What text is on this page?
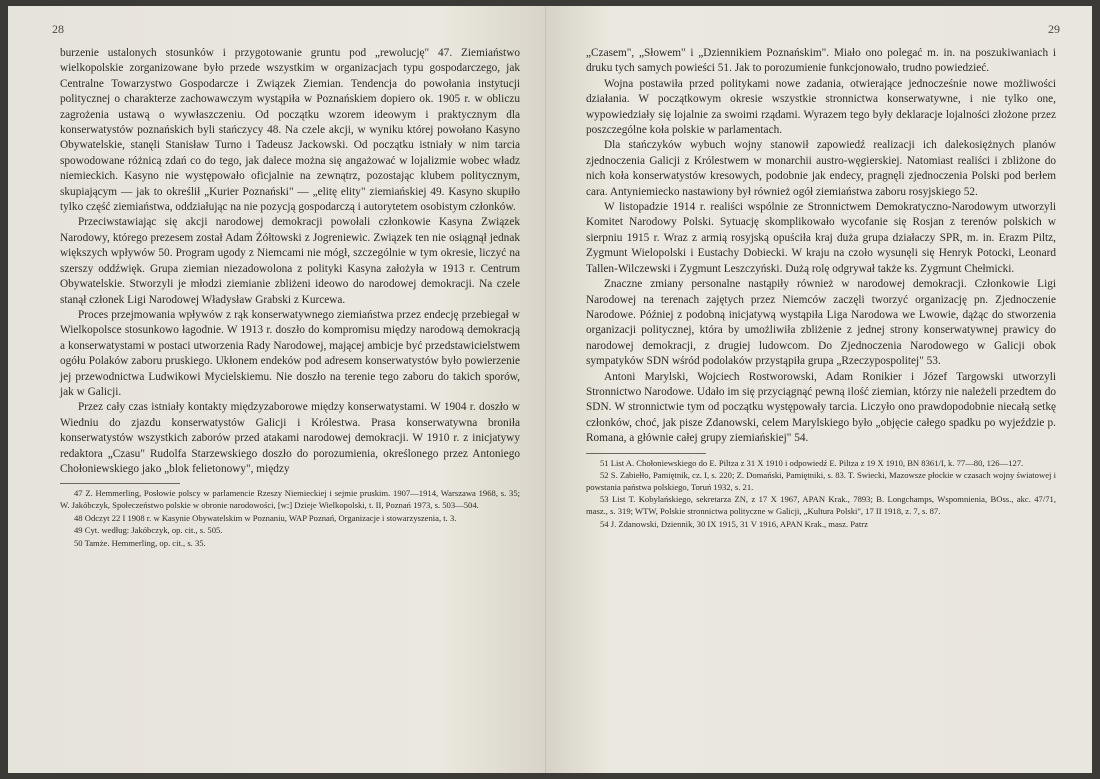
28

burzenie ustalonych stosunków i przygotowanie gruntu pod „rewolucję" 47. Ziemiaństwo wielkopolskie zorganizowane było przede wszystkim w organizacjach typu gospodarczego, jak Centralne Towarzystwo Gospodarcze i Związek Ziemian. Tendencja do powołania instytucji politycznej o charakterze zachowawczym wystąpiła w Poznańskiem dopiero ok. 1905 r. w obliczu zagrożenia ustawą o wywłaszczeniu. Od początku wzorem ideowym i praktycznym dla konserwatystów poznańskich byli stańczycy 48. Na czele akcji, w wyniku której powołano Kasyno Obywatelskie, stanęli Stanisław Turno i Tadeusz Jackowski. Od początku istniały w nim tarcia spowodowane różnicą zdań co do tego, jak dalece można się angażować w lojalizmie wobec władz niemieckich. Kasyno nie występowało oficjalnie na zewnątrz, pozostając klubem politycznym, skupiającym — jak to określił „Kurier Poznański" — „elitę elity" ziemiańskiej 49. Kasyno skupiło tylko część ziemiaństwa, oddziałując na nie pozycją gospodarczą i autorytetem osobistym członków.

Przeciwstawiając się akcji narodowej demokracji powołali członkowie Kasyna Związek Narodowy, którego prezesem został Adam Żółtowski z Jogreniewic. Związek ten nie osiągnął jednak większych wpływów 50. Program ugody z Niemcami nie mógł, szczególnie w tym okresie, liczyć na szerszy oddźwięk. Grupa ziemian niezadowolona z polityki Kasyna założyła w 1913 r. Centrum Obywatelskie. Stworzyli je młodzi ziemianie zbliżeni ideowo do narodowej demokracji. Na czele stanął członek Ligi Narodowej Władysław Grabski z Kurcewa.

Proces przejmowania wpływów z rąk konserwatywnego ziemiaństwa przez endecję przebiegał w Wielkopolsce stosunkowo łagodnie. W 1913 r. doszło do kompromisu między narodową demokracją a konserwatystami w postaci utworzenia Rady Narodowej, mającej ambicje być przedstawicielstwem ogółu Polaków zaboru pruskiego. Ukłonem endeków pod adresem konserwatystów było powierzenie jej przewodnictwa Ludwikowi Mycielskiemu. Nie doszło na terenie tego zaboru do takich sporów, jak w Galicji.

Przez cały czas istniały kontakty międzyzaborowe między konserwatystami. W 1904 r. doszło w Wiedniu do zjazdu konserwatystów Galicji i Królestwa. Prasa konserwatywna broniła konserwatystów wszystkich zaborów przed atakami narodowej demokracji. W 1910 r. z inicjatywy redaktora „Czasu" Rudolfa Starzewskiego doszło do porozumienia, określonego przez Antoniego Chołoniewskiego jako „blok felietonowy", między

47 Z. Hemmerling, Posłowie polscy w parlamencie Rzeszy Niemieckiej i sejmie pruskim. 1907—1914, Warszawa 1968, s. 35; W. Jakóbczyk, Społeczeństwo polskie w obronie narodowości, [w:] Dzieje Wielkopolski, t. II, Poznań 1973, s. 503—504.

48 Odczyt 22 I 1908 r. w Kasynie Obywatelskim w Poznaniu, WAP Poznań, Organizacje i stowarzyszenia, t. 3.

49 Cyt. według: Jakóbczyk, op. cit., s. 505.

50 Tamże. Hemmerling, op. cit., s. 35.

29

„Czasem", „Słowem" i „Dziennikiem Poznańskim". Miało ono polegać m. in. na poszukiwaniach i druku tych samych powieści 51. Jak to porozumienie funkcjonowało, trudno powiedzieć.

Wojna postawiła przed politykami nowe zadania, otwierające jednocześnie nowe możliwości działania. W początkowym okresie wszystkie stronnictwa konserwatywne, i nie tylko one, wypowiedziały się lojalnie za swoimi rządami. Wyrazem tego były deklaracje lojalności złożone przez poszczególne koła polskie w parlamentach.

Dla stańczyków wybuch wojny stanowił zapowiedź realizacji ich dalekosiężnych planów zjednoczenia Galicji z Królestwem w monarchii austro-węgierskiej. Natomiast realiści i zbliżone do nich koła konserwatystów kresowych, podobnie jak endecy, pragnęli zjednoczenia Polski pod berłem cara. Antyniemiecko nastawiony był również ogół ziemiaństwa zaboru rosyjskiego 52.

W listopadzie 1914 r. realiści wspólnie ze Stronnictwem Demokratyczno-Narodowym utworzyli Komitet Narodowy Polski. Sytuację skomplikowało wycofanie się Rosjan z terenów polskich w sierpniu 1915 r. Wraz z armią rosyjską opuściła kraj duża grupa działaczy SPR, m. in. Erazm Piltz, Zygmunt Wielopolski i Eustachy Dobiecki. W kraju na czoło wysunęli się Henryk Potocki, Leonard Tallen-Wilczewski i Zygmunt Leszczyński. Dużą rolę odgrywał także ks. Zygmunt Chełmicki.

Znaczne zmiany personalne nastąpiły również w narodowej demokracji. Członkowie Ligi Narodowej na terenach zajętych przez Niemców zaczęli tworzyć organizację pn. Zjednoczenie Narodowe. Później z podobną inicjatywą wystąpiła Liga Narodowa we Lwowie, dążąc do stworzenia organizacji politycznej, która by umożliwiła zbliżenie z jednej strony konserwatywnej prawicy do narodowej demokracji, z drugiej ludowcom. Do Zjednoczenia Narodowego w Galicji obok sympatyków SDN wśród podolaków przystąpiła grupa „Rzeczypospolitej" 53.

Antoni Marylski, Wojciech Rostworowski, Adam Ronikier i Józef Targowski utworzyli Stronnictwo Narodowe. Udało im się przyciągnąć pewną ilość ziemian, którzy nie należeli przedtem do SDN. W stronnictwie tym od początku występowały tarcia. Liczyło ono prawdopodobnie niecałą setkę członków, choć, jak pisze Zdanowski, celem Marylskiego było „objęcie całego spadku po wyjeździe p. Romana, a głównie całej grupy ziemiańskiej" 54.

51 List A. Chołoniewskiego do E. Piltza z 31 X 1910 i odpowiedź E. Piltza z 19 X 1910, BN 8361/I, k. 77—80, 126—127.

52 S. Zabiełło, Pamiętnik, cz. I, s. 220; Z. Domański, Pamiętniki, s. 83. T. Swiecki, Mazowsze płockie w czasach wojny światowej i powstania państwa polskiego, Toruń 1932, s. 21.

53 List T. Kobylańskiego, sekretarza ZN, z 17 X 1967, APAN Krak., 7893; B. Longchamps, Wspomnienia, BOss., akc. 47/71, masz., s. 319; WTW, Polskie stronnictwa polityczne w Galicji, „Kultura Polski", 17 II 1918, z. 7, s. 87.

54 J. Zdanowski, Dziennik, 30 IX 1915, 31 V 1916, APAN Krak., masz. Patrz
